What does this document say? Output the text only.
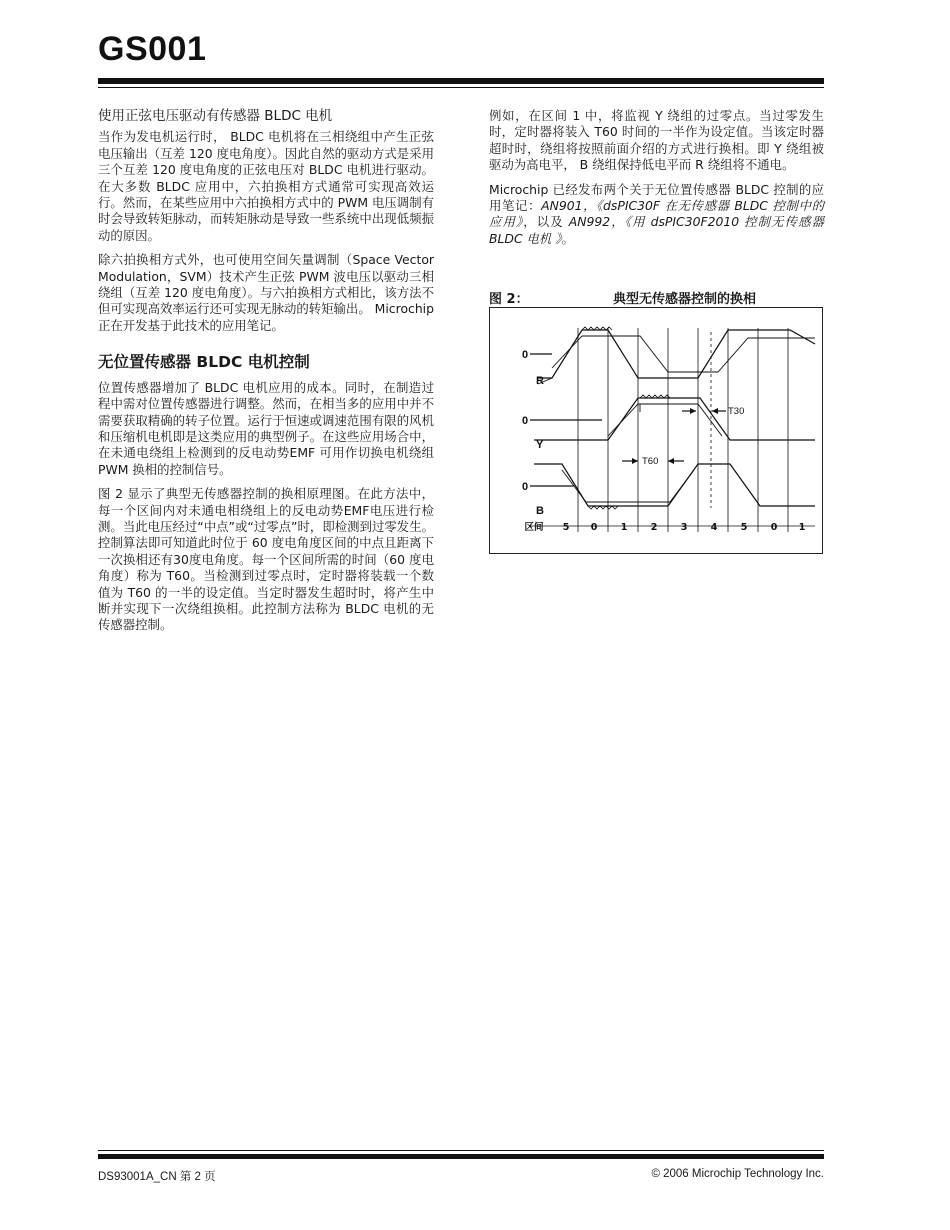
GS001

使用正弦电压驱动有传感器 BLDC 电机

当作为发电机运行时， BLDC 电机将在三相绕组中产生正弦电压输出（互差 120 度电角度）。因此自然的驱动方式是采用三个互差 120 度电角度的正弦电压对 BLDC 电机进行驱动。在大多数 BLDC 应用中，六拍换相方式通常可实现高效运行。然而，在某些应用中六拍换相方式中的 PWM 电压调制有时会导致转矩脉动，而转矩脉动是导致一些系统中出现低频振动的原因。

除六拍换相方式外，也可使用空间矢量调制（Space Vector Modulation，SVM）技术产生正弦 PWM 波电压以驱动三相绕组（互差 120 度电角度）。与六拍换相方式相比，该方法不但可实现高效率运行还可实现无脉动的转矩输出。 Microchip 正在开发基于此技术的应用笔记。

无位置传感器 BLDC 电机控制

位置传感器增加了 BLDC 电机应用的成本。同时，在制造过程中需对位置传感器进行调整。然而，在相当多的应用中并不需要获取精确的转子位置。运行于恒速或调速范围有限的风机和压缩机电机即是这类应用的典型例子。在这些应用场合中，在未通电绕组上检测到的反电动势EMF 可用作切换电机绕组 PWM 换相的控制信号。

图 2 显示了典型无传感器控制的换相原理图。在此方法中，每一个区间内对未通电相绕组上的反电动势EMF电压进行检测。当此电压经过“中点”或“过零点”时，即检测到过零发生。控制算法即可知道此时位于 60 度电角度区间的中点且距离下一次换相还有30度电角度。每一个区间所需的时间（60 度电角度）称为 T60。当检测到过零点时，定时器将装载一个数值为 T60 的一半的设定值。当定时器发生超时时，将产生中断并实现下一次绕组换相。此控制方法称为 BLDC 电机的无传感器控制。

例如，在区间 1 中，将监视 Y 绕组的过零点。当过零发生时，定时器将装入 T60 时间的一半作为设定值。当该定时器超时时，绕组将按照前面介绍的方式进行换相。即 Y 绕组被驱动为高电平， B 绕组保持低电平而 R 绕组将不通电。

Microchip 已经发布两个关于无位置传感器 BLDC 控制的应用笔记：AN901，《dsPIC30F 在无传感器 BLDC 控制中的应用》，以及 AN992，《用 dsPIC30F2010 控制无传感器 BLDC 电机 》。

图 2：	典型无传感器控制的换相
0
0
0
R
Y
B
T30
T60
区间 5 0 1 2 3 4 5 0 1
DS93001A_CN 第 2 页	© 2006 Microchip Technology Inc.
